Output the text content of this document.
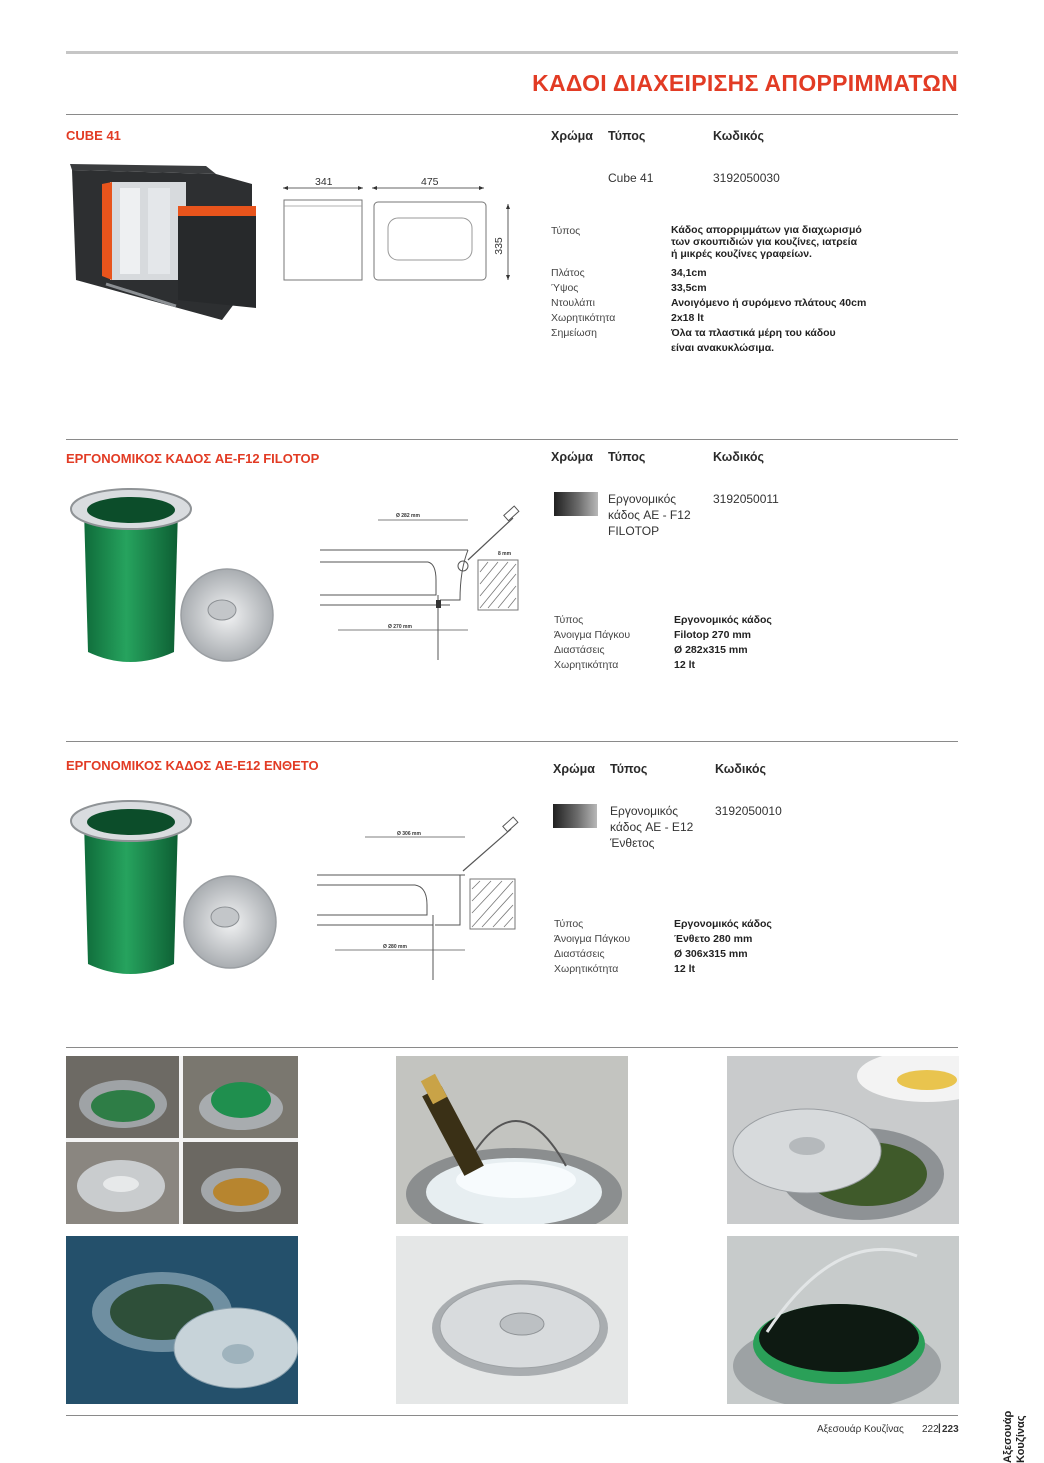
ΚΑΔΟΙ ΔΙΑΧΕΙΡΙΣΗΣ ΑΠΟΡΡΙΜΜΑΤΩΝ
CUBE 41
341	475
335
Χρώμα Τύπος	Κωδικός
Cube 41	3192050030
Τύπος	Κάδος απορριμμάτων για διαχωρισμό
των σκουπιδιών για κουζίνες, ιατρεία
ή μικρές κουζίνες γραφείων.
Πλάτος	34,1cm
Ύψος	33,5cm
Ντουλάπι	Ανοιγόμενο ή συρόμενο πλάτους 40cm
Χωρητικότητα	2x18 lt
Σημείωση	Όλα τα πλαστικά μέρη του κάδου
είναι ανακυκλώσιμα.
ΕΡΓΟΝΟΜΙΚΟΣ ΚΑΔΟΣ AE-F12 FILOTOP
Ø 282 mm
Ø 270 mm
8 mm
Χρώμα Τύπος	Κωδικός
Εργονομικός
κάδος AE - F12
FILOTOP
3192050011
Τύπος	Εργονομικός κάδος
Άνοιγμα Πάγκου	Filotop 270 mm
Διαστάσεις	Ø 282x315 mm
Χωρητικότητα	12 lt
ΕΡΓΟΝΟΜΙΚΟΣ ΚΑΔΟΣ AE-E12 ΕΝΘΕΤΟ
Ø 306 mm
Ø 280 mm
Χρώμα Τύπος	Κωδικός
Εργονομικός
κάδος AE - E12
Ένθετος
3192050010
Τύπος	Εργονομικός κάδος
Άνοιγμα Πάγκου	Ένθετο 280 mm
Διαστάσεις	Ø 306x315 mm
Χωρητικότητα	12 lt
Αξεσουάρ Κουζίνας 222 | 223	Αξεσουάρ Κουζίνας
